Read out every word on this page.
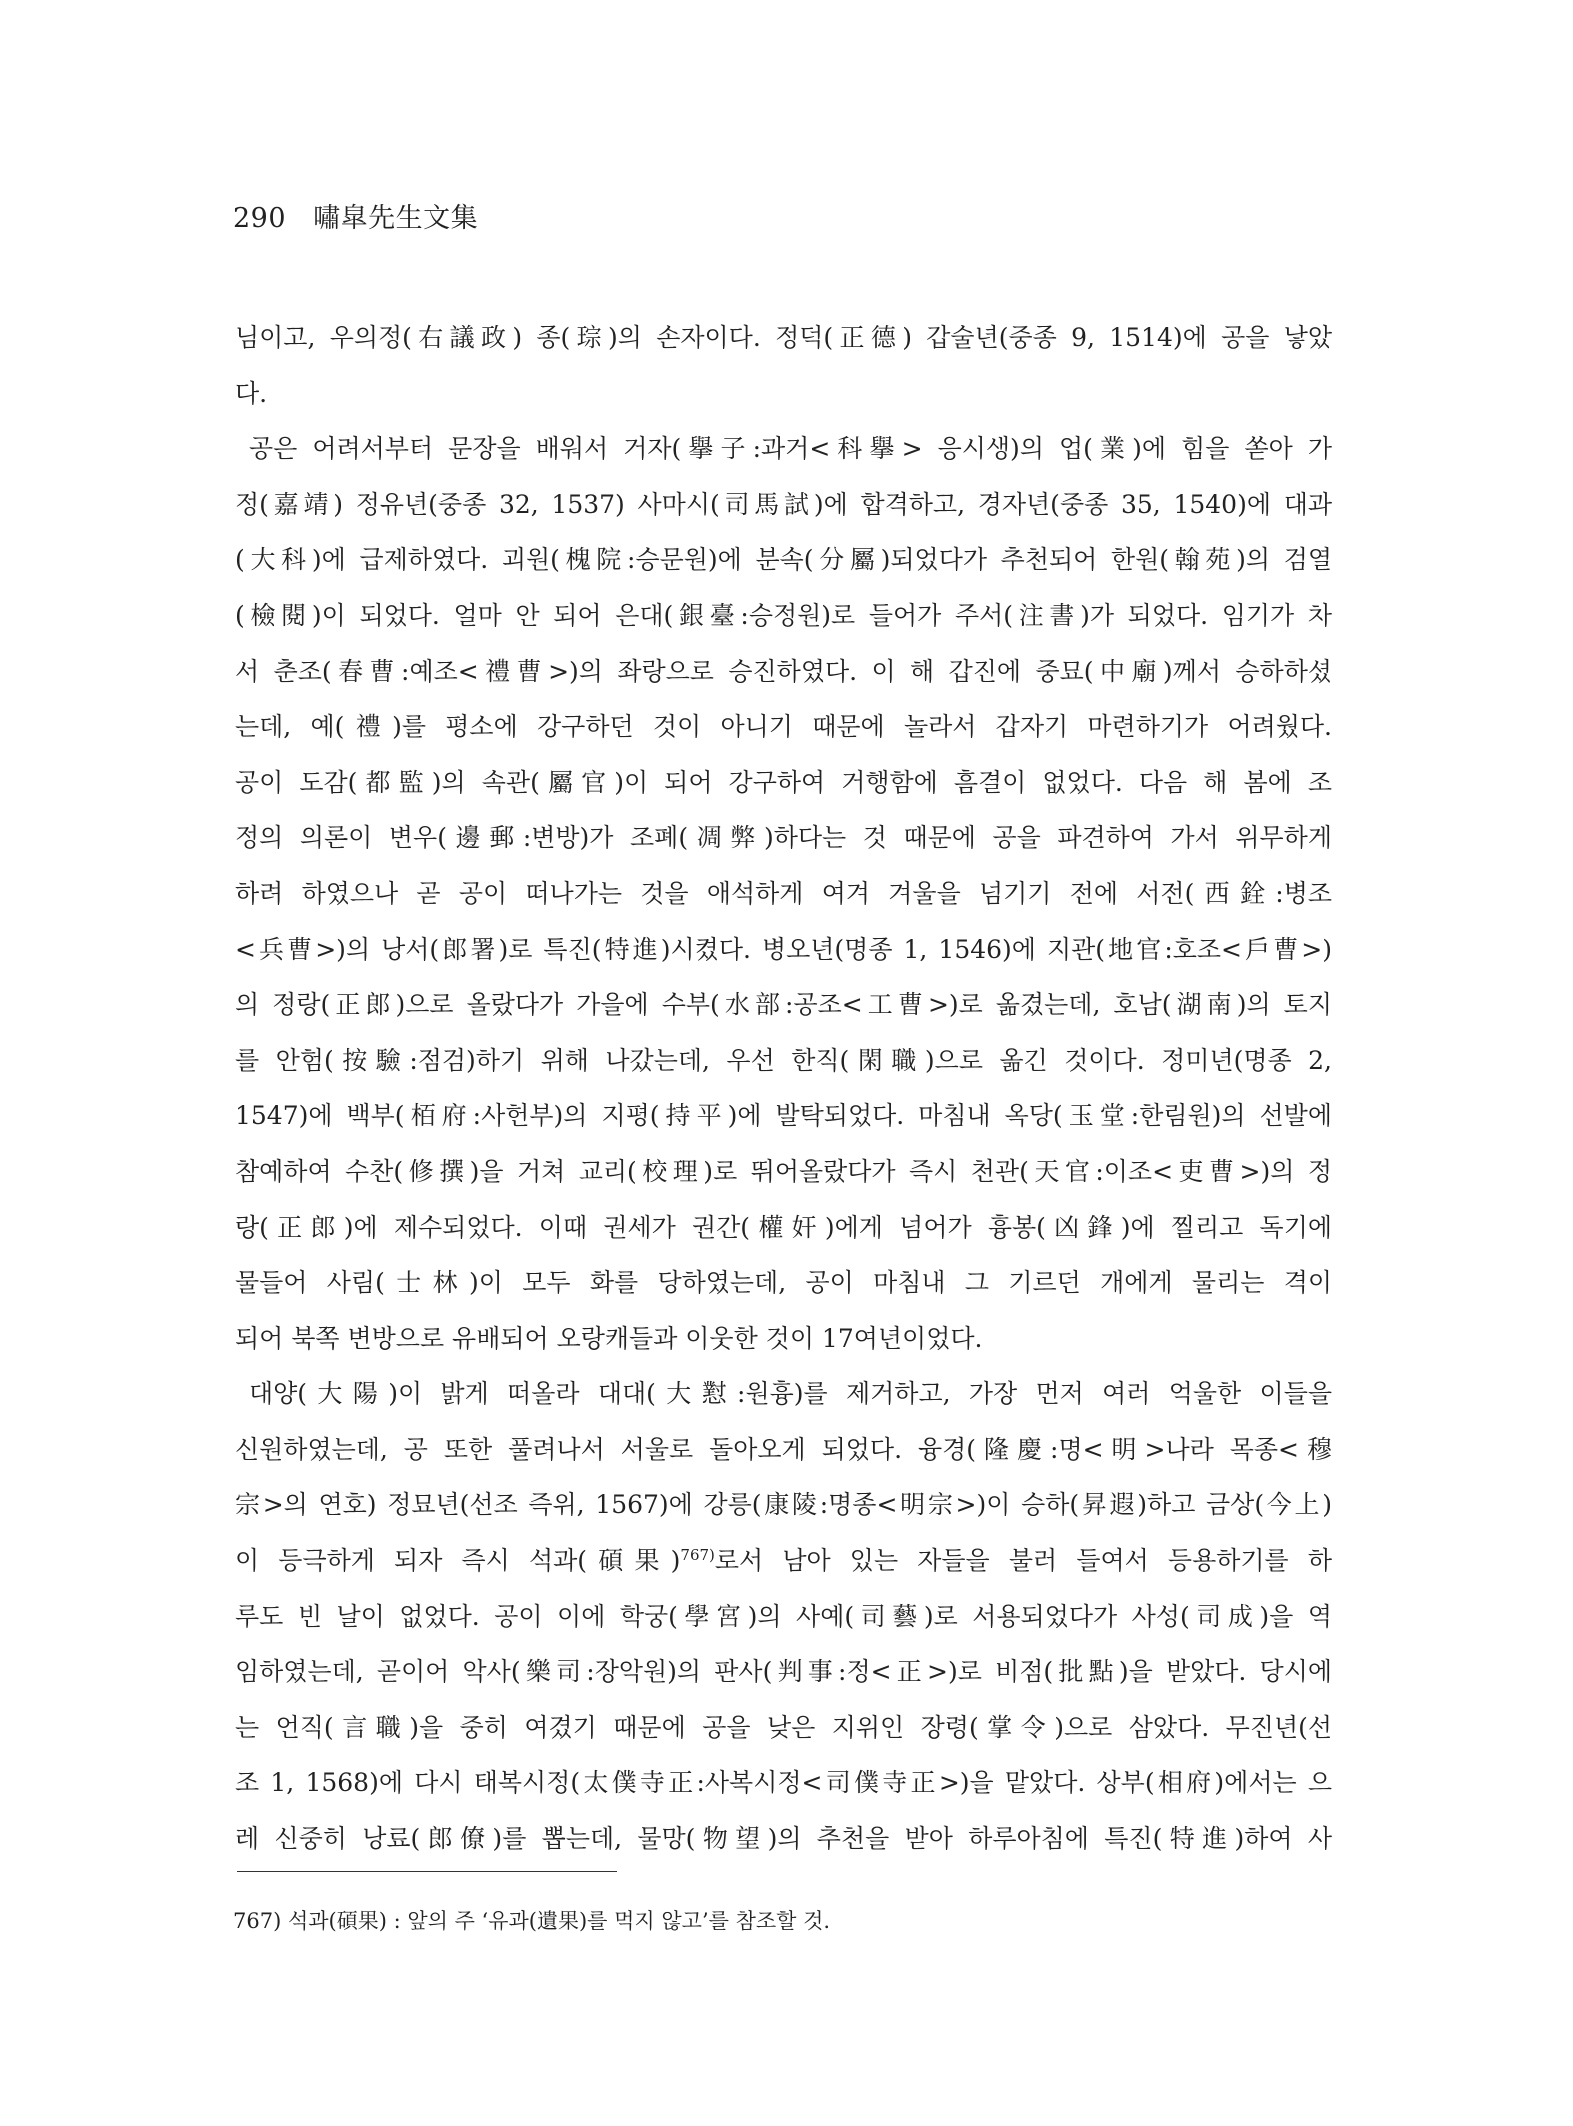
290 嘯皐先生文集
님이고, 우의정(右議政) 종(琮)의 손자이다. 정덕(正德) 갑술년(중종 9, 1514)에 공을 낳았
다.
공은 어려서부터 문장을 배워서 거자(擧子:과거<科擧> 응시생)의 업(業)에 힘을 쏟아 가
정(嘉靖) 정유년(중종 32, 1537) 사마시(司馬試)에 합격하고, 경자년(중종 35, 1540)에 대과
(大科)에 급제하였다. 괴원(槐院:승문원)에 분속(分屬)되었다가 추천되어 한원(翰苑)의 검열
(檢閱)이 되었다. 얼마 안 되어 은대(銀臺:승정원)로 들어가 주서(注書)가 되었다. 임기가 차
서 춘조(春曹:예조<禮曹>)의 좌랑으로 승진하였다. 이 해 갑진에 중묘(中廟)께서 승하하셨
는데, 예(禮)를 평소에 강구하던 것이 아니기 때문에 놀라서 갑자기 마련하기가 어려웠다.
공이 도감(都監)의 속관(屬官)이 되어 강구하여 거행함에 흠결이 없었다. 다음 해 봄에 조
정의 의론이 변우(邊郵:변방)가 조폐(凋弊)하다는 것 때문에 공을 파견하여 가서 위무하게
하려 하였으나 곧 공이 떠나가는 것을 애석하게 여겨 겨울을 넘기기 전에 서전(西銓:병조
<兵曹>)의 낭서(郎署)로 특진(特進)시켰다. 병오년(명종 1, 1546)에 지관(地官:호조<戶曹>)
의 정랑(正郎)으로 올랐다가 가을에 수부(水部:공조<工曹>)로 옮겼는데, 호남(湖南)의 토지
를 안험(按驗:점검)하기 위해 나갔는데, 우선 한직(閑職)으로 옮긴 것이다. 정미년(명종 2,
1547)에 백부(栢府:사헌부)의 지평(持平)에 발탁되었다. 마침내 옥당(玉堂:한림원)의 선발에
참예하여 수찬(修撰)을 거쳐 교리(校理)로 뛰어올랐다가 즉시 천관(天官:이조<吏曹>)의 정
랑(正郎)에 제수되었다. 이때 권세가 권간(權奸)에게 넘어가 흉봉(凶鋒)에 찔리고 독기에
물들어 사림(士林)이 모두 화를 당하였는데, 공이 마침내 그 기르던 개에게 물리는 격이
되어 북쪽 변방으로 유배되어 오랑캐들과 이웃한 것이 17여년이었다.
대양(大陽)이 밝게 떠올라 대대(大懟:원흉)를 제거하고, 가장 먼저 여러 억울한 이들을
신원하였는데, 공 또한 풀려나서 서울로 돌아오게 되었다. 융경(隆慶:명<明>나라 목종<穆
宗>의 연호) 정묘년(선조 즉위, 1567)에 강릉(康陵:명종<明宗>)이 승하(昇遐)하고 금상(今上)
이 등극하게 되자 즉시 석과(碩果)$^{767)}$로서 남아 있는 자들을 불러 들여서 등용하기를 하
루도 빈 날이 없었다. 공이 이에 학궁(學宮)의 사예(司藝)로 서용되었다가 사성(司成)을 역
임하였는데, 곧이어 악사(樂司:장악원)의 판사(判事:정<正>)로 비점(批點)을 받았다. 당시에
는 언직(言職)을 중히 여겼기 때문에 공을 낮은 지위인 장령(掌令)으로 삼았다. 무진년(선
조 1, 1568)에 다시 태복시정(太僕寺正:사복시정<司僕寺正>)을 맡았다. 상부(相府)에서는 으
레 신중히 낭료(郎僚)를 뽑는데, 물망(物望)의 추천을 받아 하루아침에 특진(特進)하여 사
767) 석과(碩果) : 앞의 주 ‘유과(遺果)를 먹지 않고’를 참조할 것.
